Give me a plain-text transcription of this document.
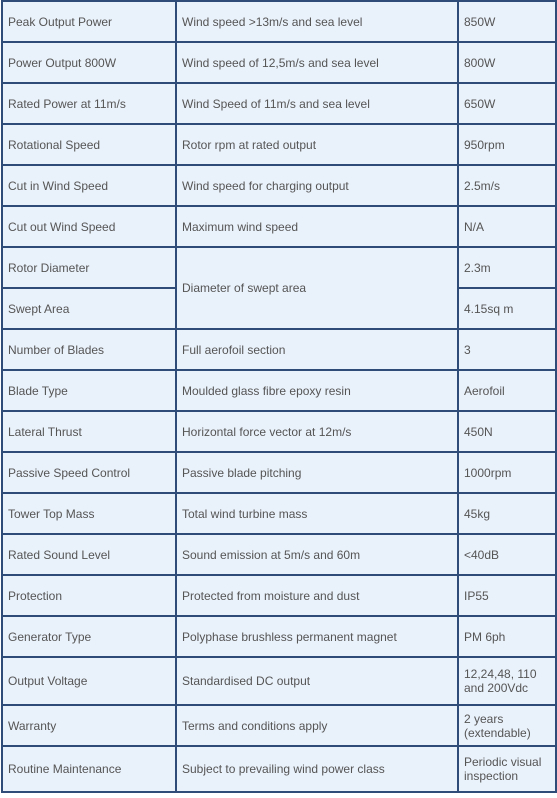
Peak Output Power	Wind speed >13m/s and sea level	850W
Power Output 800W	Wind speed of 12,5m/s and sea level	800W
Rated Power at 11m/s	Wind Speed of 11m/s and sea level	650W
Rotational Speed	Rotor rpm at rated output	950rpm
Cut in Wind Speed	Wind speed for charging output	2.5m/s
Cut out Wind Speed	Maximum wind speed	N/A
Rotor Diameter	Diameter of swept area	2.3m
Swept Area		4.15sq m
Number of Blades	Full aerofoil section	3
Blade Type	Moulded glass fibre epoxy resin	Aerofoil
Lateral Thrust	Horizontal force vector at 12m/s	450N
Passive Speed Control	Passive blade pitching	1000rpm
Tower Top Mass	Total wind turbine mass	45kg
Rated Sound Level	Sound emission at 5m/s and 60m	<40dB
Protection	Protected from moisture and dust	IP55
Generator Type	Polyphase brushless permanent magnet	PM 6ph
Output Voltage	Standardised DC output	12,24,48, 110 and 200Vdc
Warranty	Terms and conditions apply	2 years (extendable)
Routine Maintenance	Subject to prevailing wind power class	Periodic visual inspection
